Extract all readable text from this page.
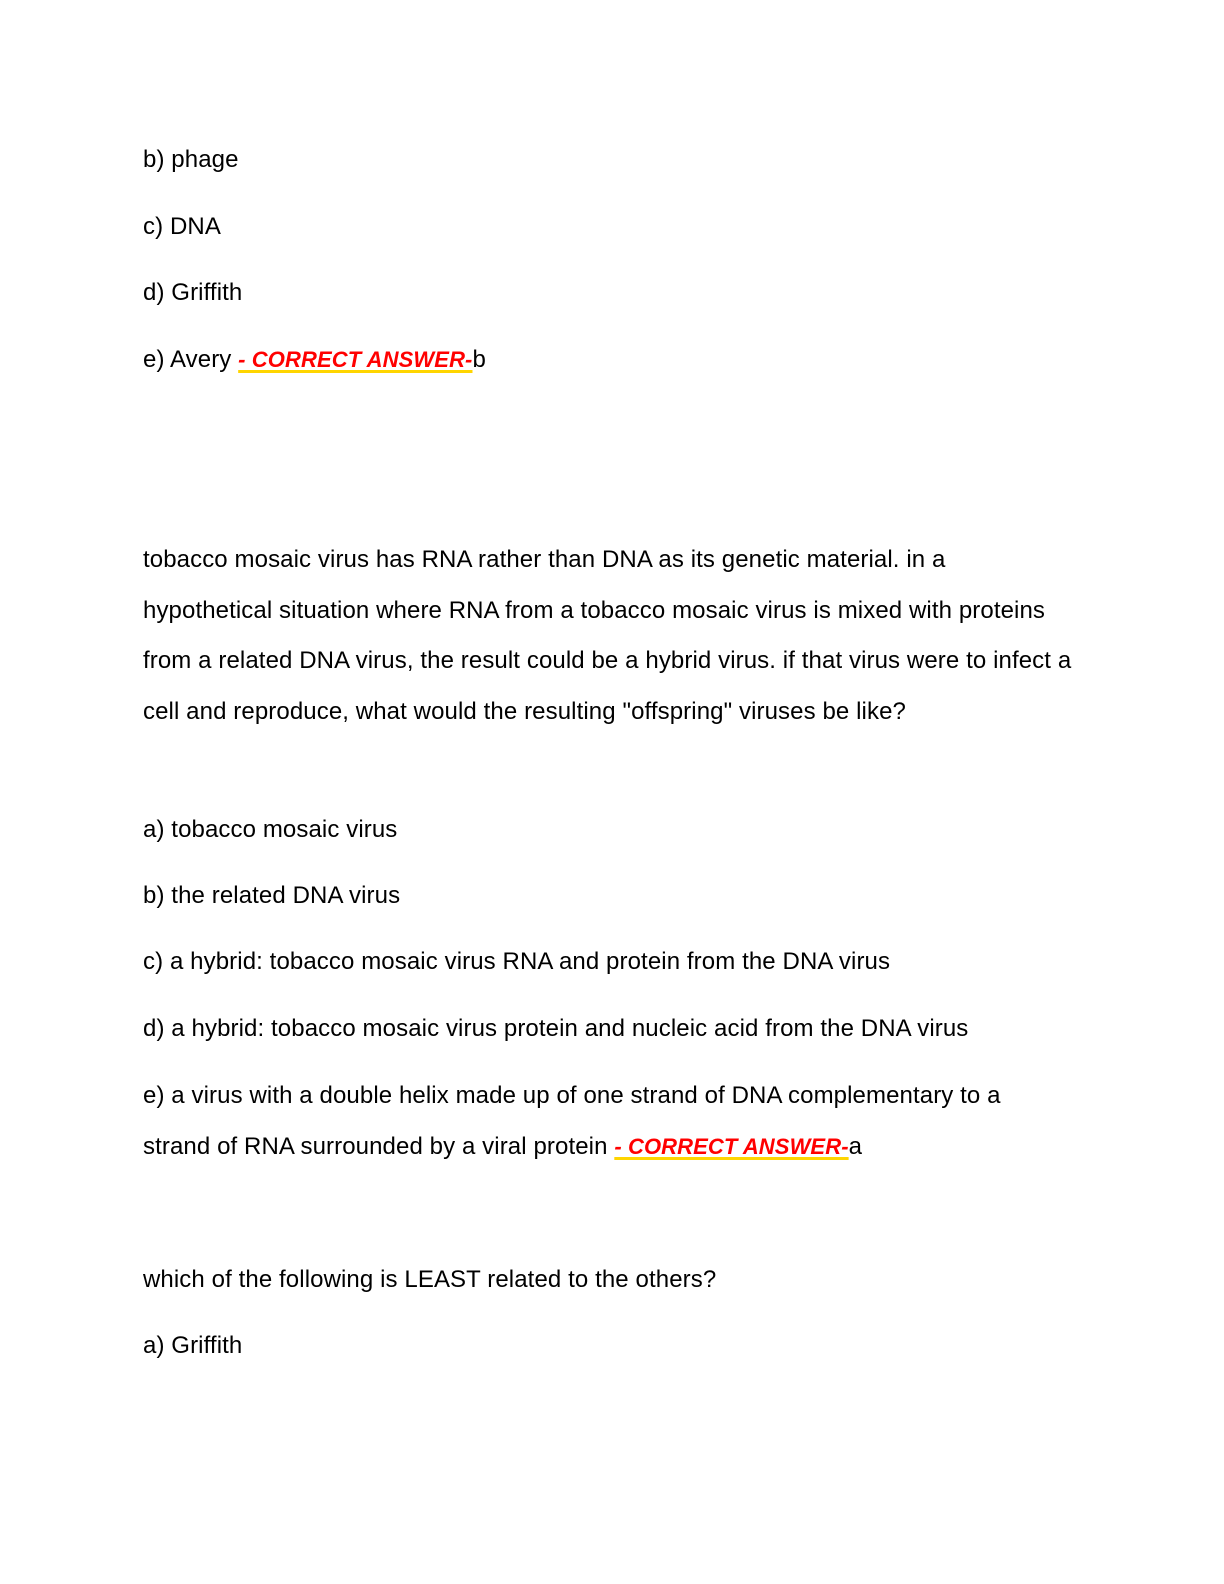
b) phage
c) DNA
d) Griffith
e) Avery - CORRECT ANSWER-b
tobacco mosaic virus has RNA rather than DNA as its genetic material. in a hypothetical situation where RNA from a tobacco mosaic virus is mixed with proteins from a related DNA virus, the result could be a hybrid virus. if that virus were to infect a cell and reproduce, what would the resulting "offspring" viruses be like?
a) tobacco mosaic virus
b) the related DNA virus
c) a hybrid: tobacco mosaic virus RNA and protein from the DNA virus
d) a hybrid: tobacco mosaic virus protein and nucleic acid from the DNA virus
e) a virus with a double helix made up of one strand of DNA complementary to a strand of RNA surrounded by a viral protein - CORRECT ANSWER-a
which of the following is LEAST related to the others?
a) Griffith
